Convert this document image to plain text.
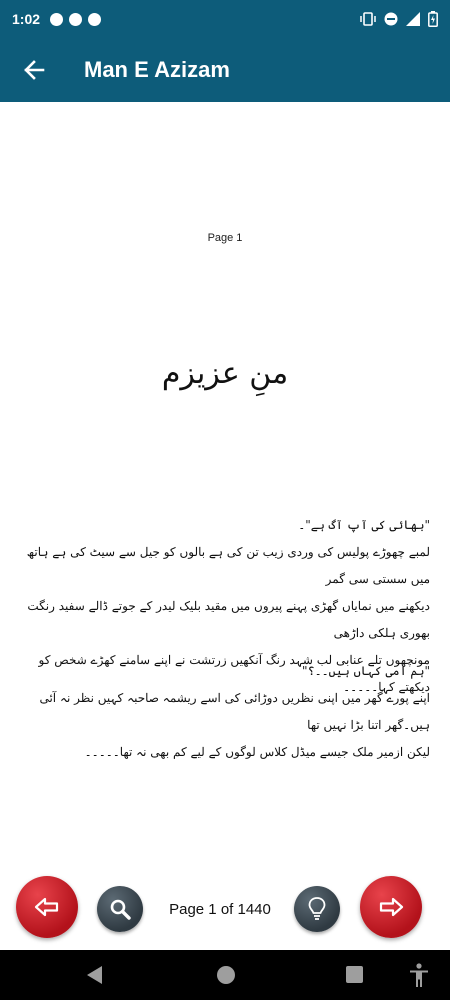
1:02
Man E Azizam
Page 1
منِ عزیزم
"بھائی کی آپ آگ ہے"۔
لمبے چھوڑے پولیس کی وردی زیب تن کی ہے بالوں کو جیل سے سیٹ کی ہے ہاتھ میں سستی سی گمر
دیکھنے میں نمایاں گھڑی پہنے پیروں میں مقید بلیک لیدر کے جوتے ڈالے سفید رنگت بھوری ہلکی داڑھی
مونچھوں تلے عنابی لب شہد رنگ آنکھیں زرتشت نے اپنے سامنے کھڑے شخص کو دیکھتے کہا۔۔۔۔۔
"ہم امی کہاں ہیں۔۔؟"
اپنے پورے گھر میں اپنی نظریں دوڑائی کی اسے ریشمہ صاحبہ کہیں نظر نہ آئی ہیں۔گھر اتنا بڑا نہیں تھا
لیکن ازمیر ملک جیسے میڈل کلاس لوگوں کے لیے کم بھی نہ تھا۔۔۔۔۔
Page 1 of 1440
